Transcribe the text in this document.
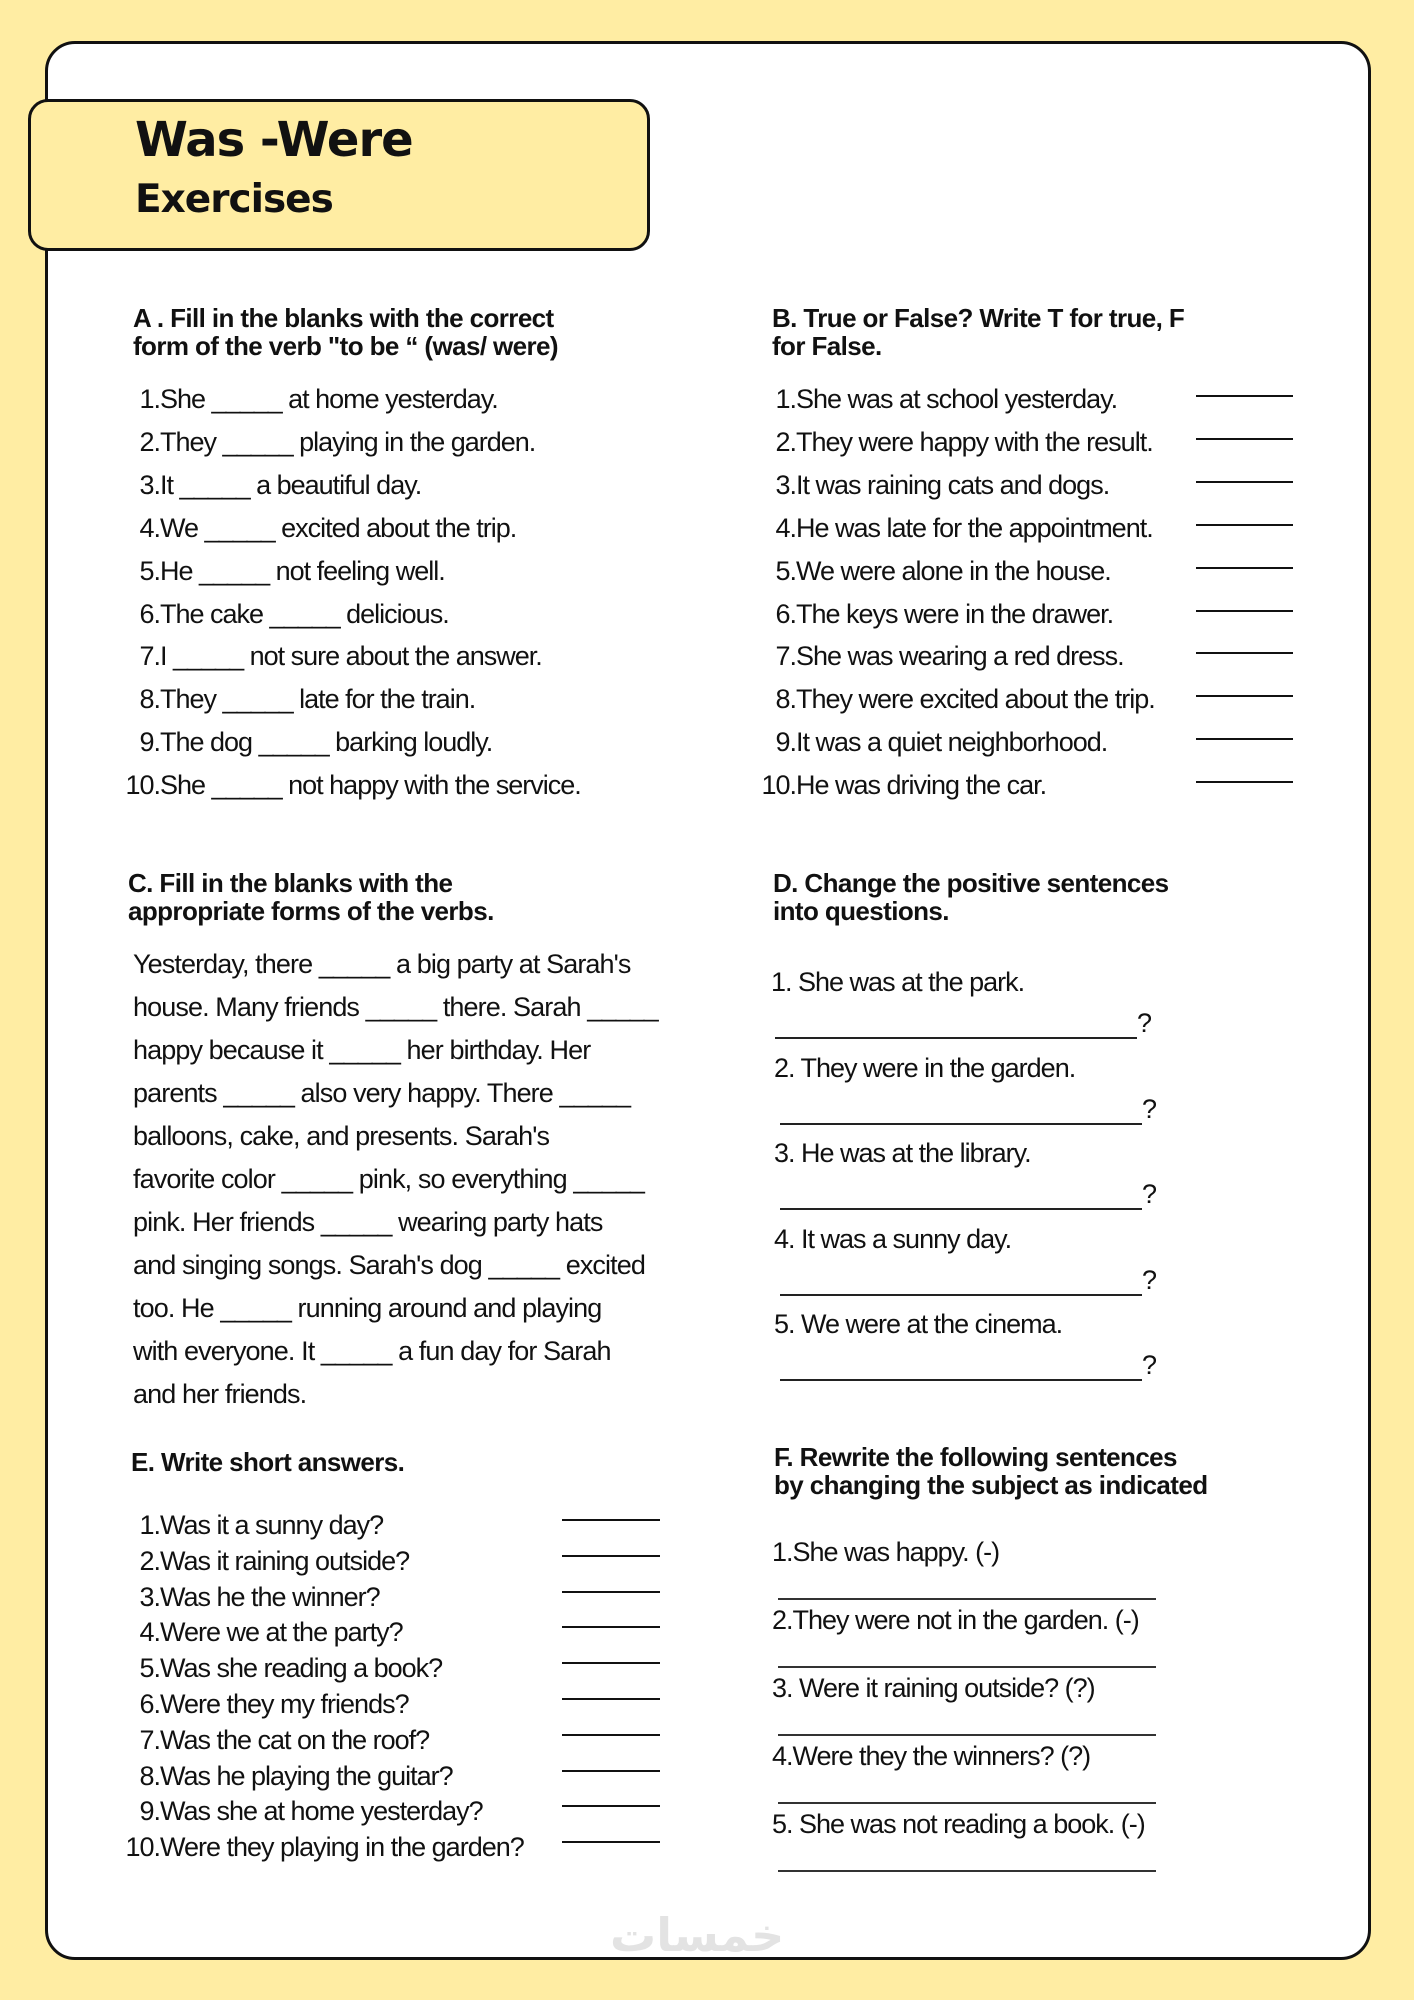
Was -Were
Exercises
A . Fill in the blanks with the correct
form of the verb "to be “ (was/ were)
1.She _____ at home yesterday.
2.They _____ playing in the garden.
3.It _____ a beautiful day.
4.We _____ excited about the trip.
5.He _____ not feeling well.
6.The cake _____ delicious.
7.I _____ not sure about the answer.
8.They _____ late for the train.
9.The dog _____ barking loudly.
10.She _____ not happy with the service.
B. True or False? Write T for true, F
for False.
1.She was at school yesterday.
2.They were happy with the result.
3.It was raining cats and dogs.
4.He was late for the appointment.
5.We were alone in the house.
6.The keys were in the drawer.
7.She was wearing a red dress.
8.They were excited about the trip.
9.It was a quiet neighborhood.
10.He was driving the car.
C. Fill in the blanks with the
appropriate forms of the verbs.
Yesterday, there _____ a big party at Sarah's
house. Many friends _____ there. Sarah _____
happy because it _____ her birthday. Her
parents _____ also very happy. There _____
balloons, cake, and presents. Sarah's
favorite color _____ pink, so everything _____
pink. Her friends _____ wearing party hats
and singing songs. Sarah's dog _____ excited
too. He _____ running around and playing
with everyone. It _____ a fun day for Sarah
and her friends.
D. Change the positive sentences
into questions.
1. She was at the park.
?
2. They were in the garden.
?
3. He was at the library.
?
4. It was a sunny day.
?
5. We were at the cinema.
?
E. Write short answers.
1.Was it a sunny day?
2.Was it raining outside?
3.Was he the winner?
4.Were we at the party?
5.Was she reading a book?
6.Were they my friends?
7.Was the cat on the roof?
8.Was he playing the guitar?
9.Was she at home yesterday?
10.Were they playing in the garden?
F. Rewrite the following sentences
by changing the subject as indicated
1.She was happy. (-)
2.They were not in the garden. (-)
3. Were it raining outside? (?)
4.Were they the winners? (?)
5. She was not reading a book. (-)
خمسات
